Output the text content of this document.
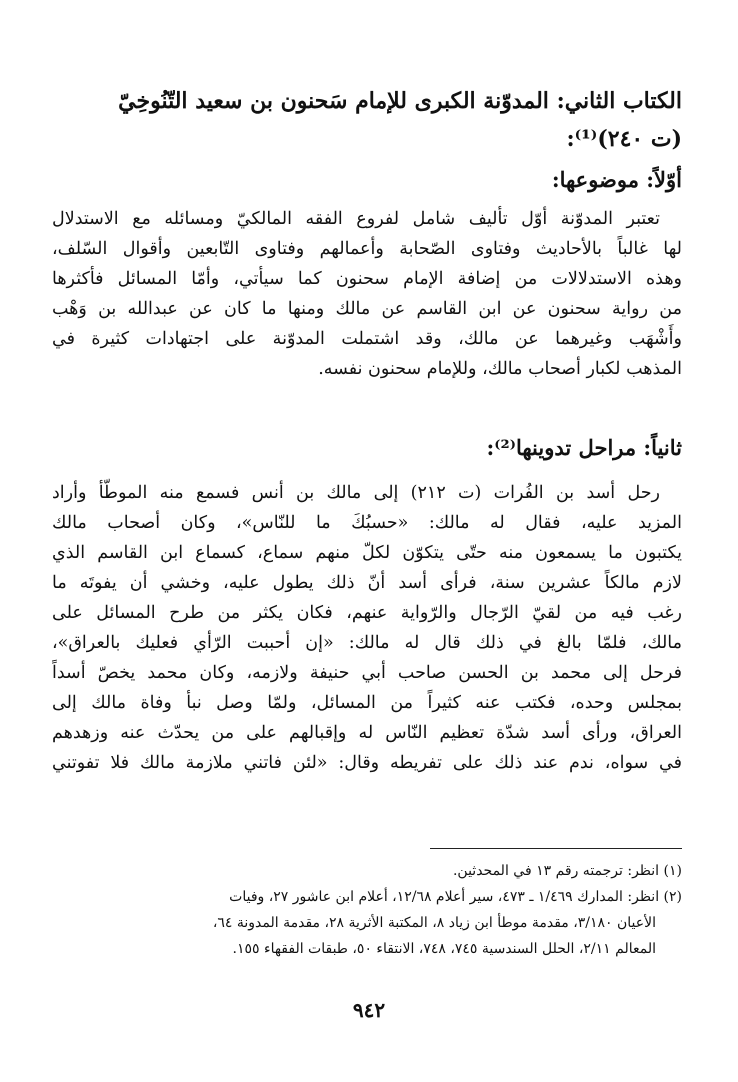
الكتاب الثاني: المدوّنة الكبرى للإمام سَحنون بن سعيد التّنُوخِيّ
(ت ٢٤٠)⁽¹⁾:
أوّلاً: موضوعها:
تعتبر المدوّنة أوّل تأليف شامل لفروع الفقه المالكيّ ومسائله مع الاستدلال
لها غالباً بالأحاديث وفتاوى الصّحابة وأعمالهم وفتاوى التّابعين وأقوال السّلف،
وهذه الاستدلالات من إضافة الإمام سحنون كما سيأتي، وأمّا المسائل فأكثرها
من رواية سحنون عن ابن القاسم عن مالك ومنها ما كان عن عبدالله بن وَهْب
وأَشْهَب وغيرهما عن مالك، وقد اشتملت المدوّنة على اجتهادات كثيرة في
المذهب لكبار أصحاب مالك، وللإمام سحنون نفسه.
ثانياً: مراحل تدوينها⁽²⁾:
رحل أسد بن الفُرات (ت ٢١٢) إلى مالك بن أنس فسمع منه الموطّأ وأراد
المزيد عليه، فقال له مالك: «حسبُكَ ما للنّاس»، وكان أصحاب مالك
يكتبون ما يسمعون منه حتّى يتكوّن لكلّ منهم سماع، كسماع ابن القاسم الذي
لازم مالكاً عشرين سنة، فرأى أسد أنّ ذلك يطول عليه، وخشي أن يفوتَه ما
رغب فيه من لقيّ الرّجال والرّواية عنهم، فكان يكثر من طرح المسائل على
مالك، فلمّا بالغ في ذلك قال له مالك: «إن أحببت الرّأي فعليك بالعراق»،
فرحل إلى محمد بن الحسن صاحب أبي حنيفة ولازمه، وكان محمد يخصّ أسداً
بمجلس وحده، فكتب عنه كثيراً من المسائل، ولمّا وصل نبأ وفاة مالك إلى
العراق، ورأى أسد شدّة تعظيم النّاس له وإقبالهم على من يحدّث عنه وزهدهم
في سواه، ندم عند ذلك على تفريطه وقال: «لئن فاتني ملازمة مالك فلا تفوتني
(١) انظر: ترجمته رقم ١٣ في المحدثين.
(٢) انظر: المدارك ١/٤٦٩ ـ ٤٧٣، سير أعلام ١٢/٦٨، أعلام ابن عاشور ٢٧، وفيات
الأعيان ٣/١٨٠، مقدمة موطأ ابن زياد ٨، المكتبة الأثرية ٢٨، مقدمة المدونة ٦٤،
المعالم ٢/١١، الحلل السندسية ٧٤٥، ٧٤٨، الانتقاء ٥٠، طبقات الفقهاء ١٥٥.
٩٤٢
